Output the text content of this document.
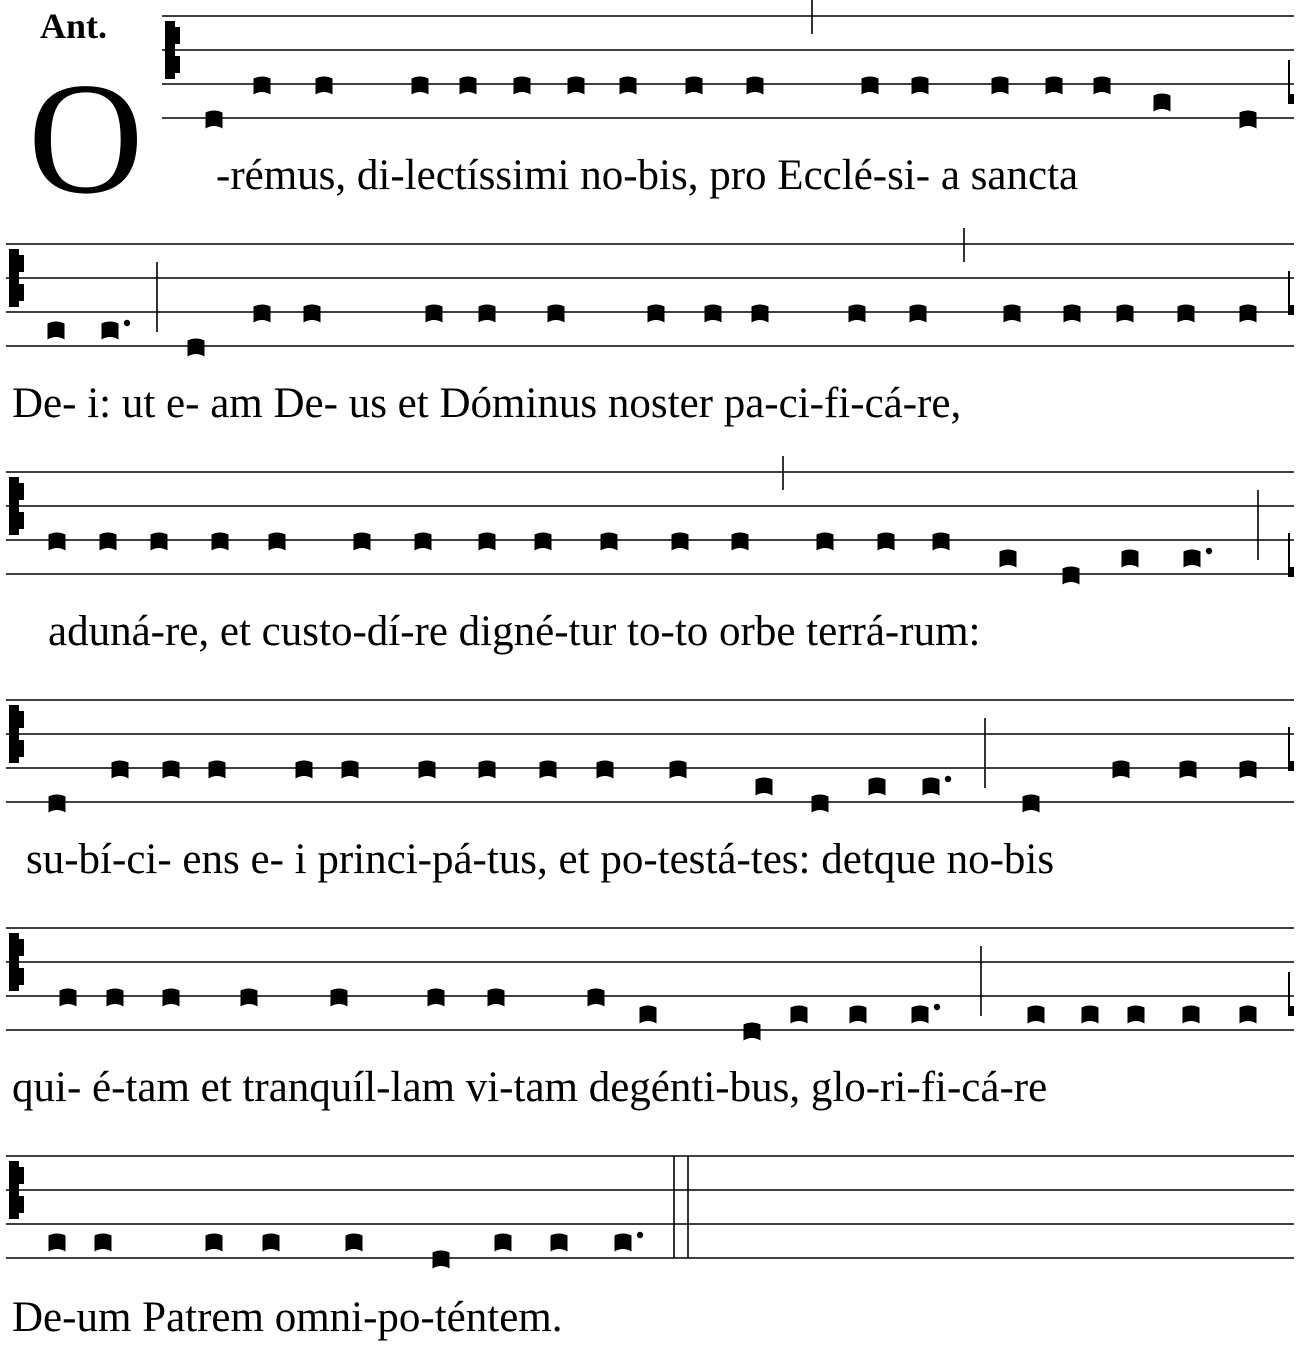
Ant.
O -rémus, di-lectíssimi no-bis, pro Ecclé-si- a sancta
De- i: ut e- am De- us et Dóminus noster pa-ci-fi-cá-re,
aduná-re, et custo-dí-re digné-tur to-to orbe terrá-rum:
su-bí-ci- ens e- i princi-pá-tus, et po-testá-tes: detque no-bis
qui- é-tam et tranquíl-lam vi-tam degénti-bus, glo-ri-fi-cá-re
De-um Patrem omni-po-téntem.
